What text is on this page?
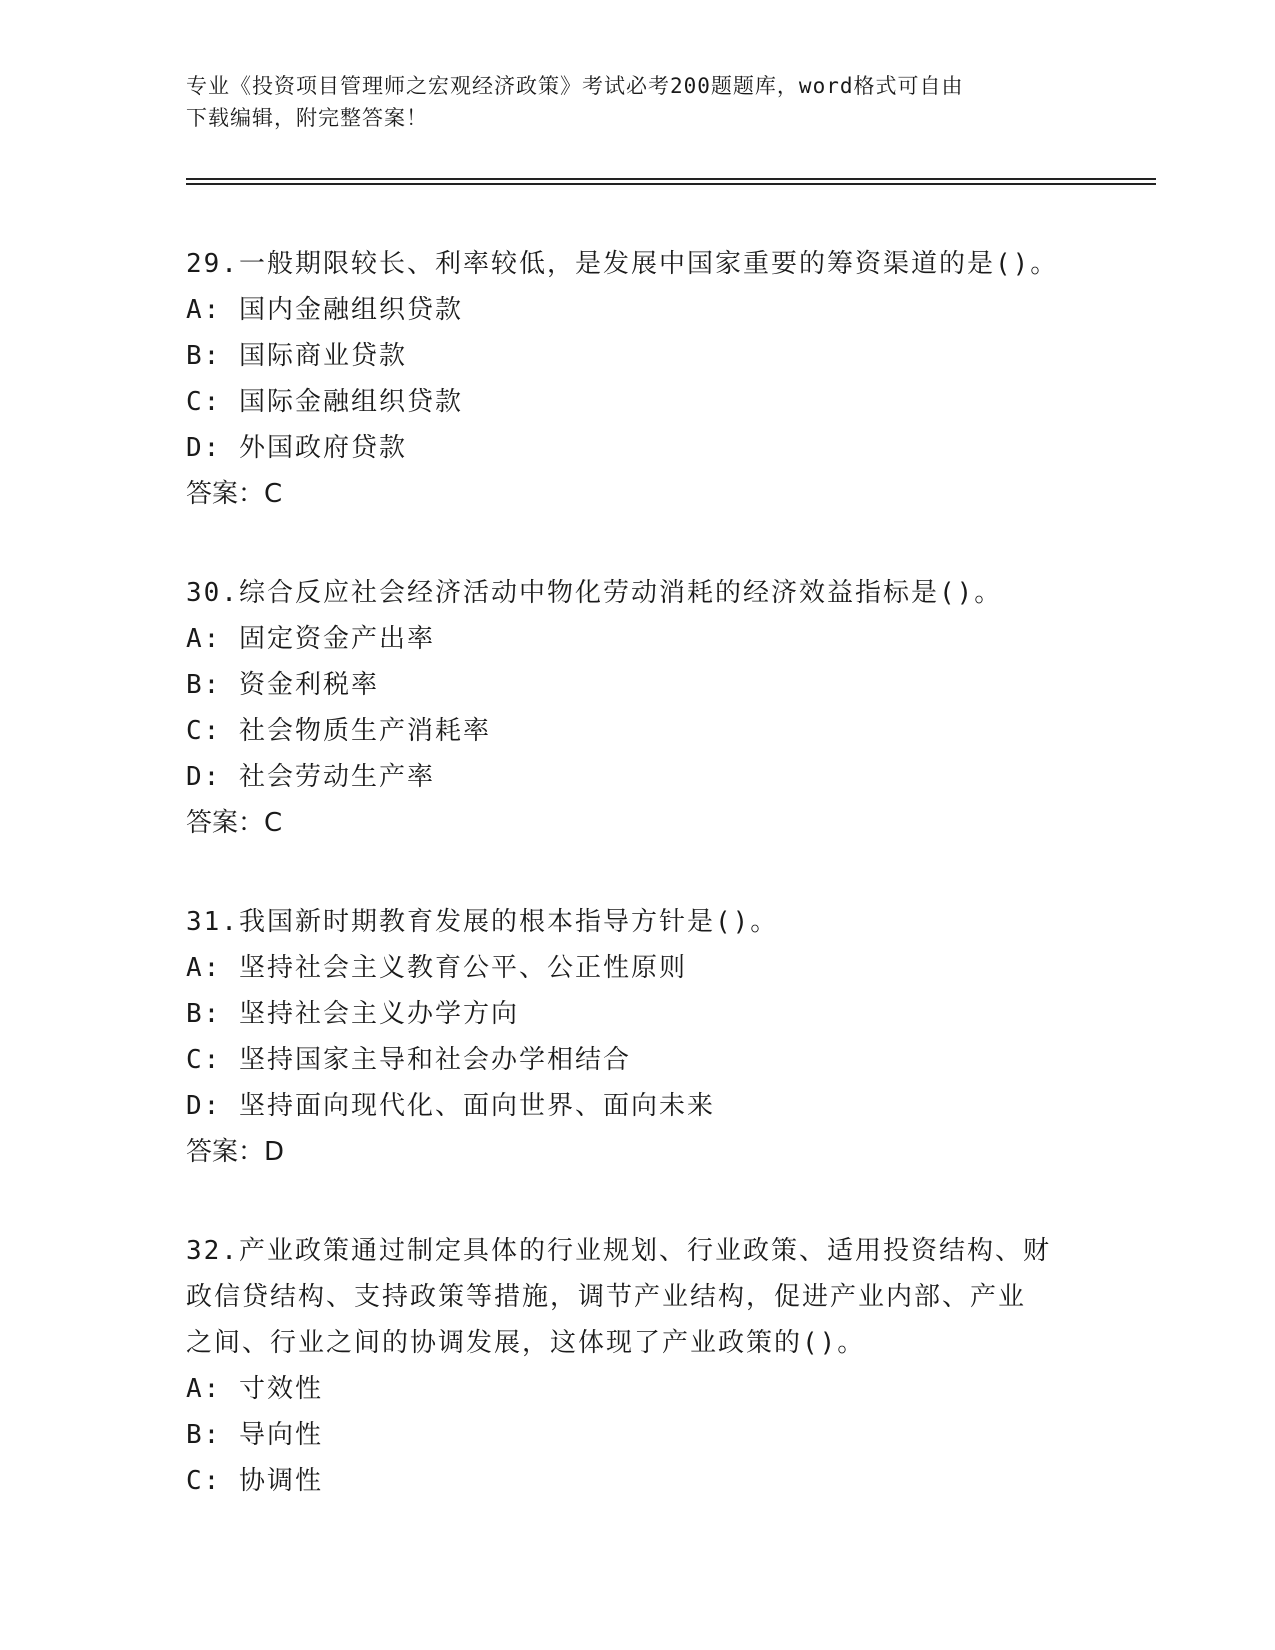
专业《投资项目管理师之宏观经济政策》考试必考200题题库，word格式可自由

下载编辑，附完整答案！

29.一般期限较长、利率较低，是发展中国家重要的筹资渠道的是()。

A: 国内金融组织贷款

B: 国际商业贷款

C: 国际金融组织贷款

D: 外国政府贷款

答案：C

30.综合反应社会经济活动中物化劳动消耗的经济效益指标是()。

A: 固定资金产出率

B: 资金利税率

C: 社会物质生产消耗率

D: 社会劳动生产率

答案：C

31.我国新时期教育发展的根本指导方针是()。

A: 坚持社会主义教育公平、公正性原则

B: 坚持社会主义办学方向

C: 坚持国家主导和社会办学相结合

D: 坚持面向现代化、面向世界、面向未来

答案：D

32.产业政策通过制定具体的行业规划、行业政策、适用投资结构、财

政信贷结构、支持政策等措施，调节产业结构，促进产业内部、产业

之间、行业之间的协调发展，这体现了产业政策的()。

A: 寸效性

B: 导向性

C: 协调性
